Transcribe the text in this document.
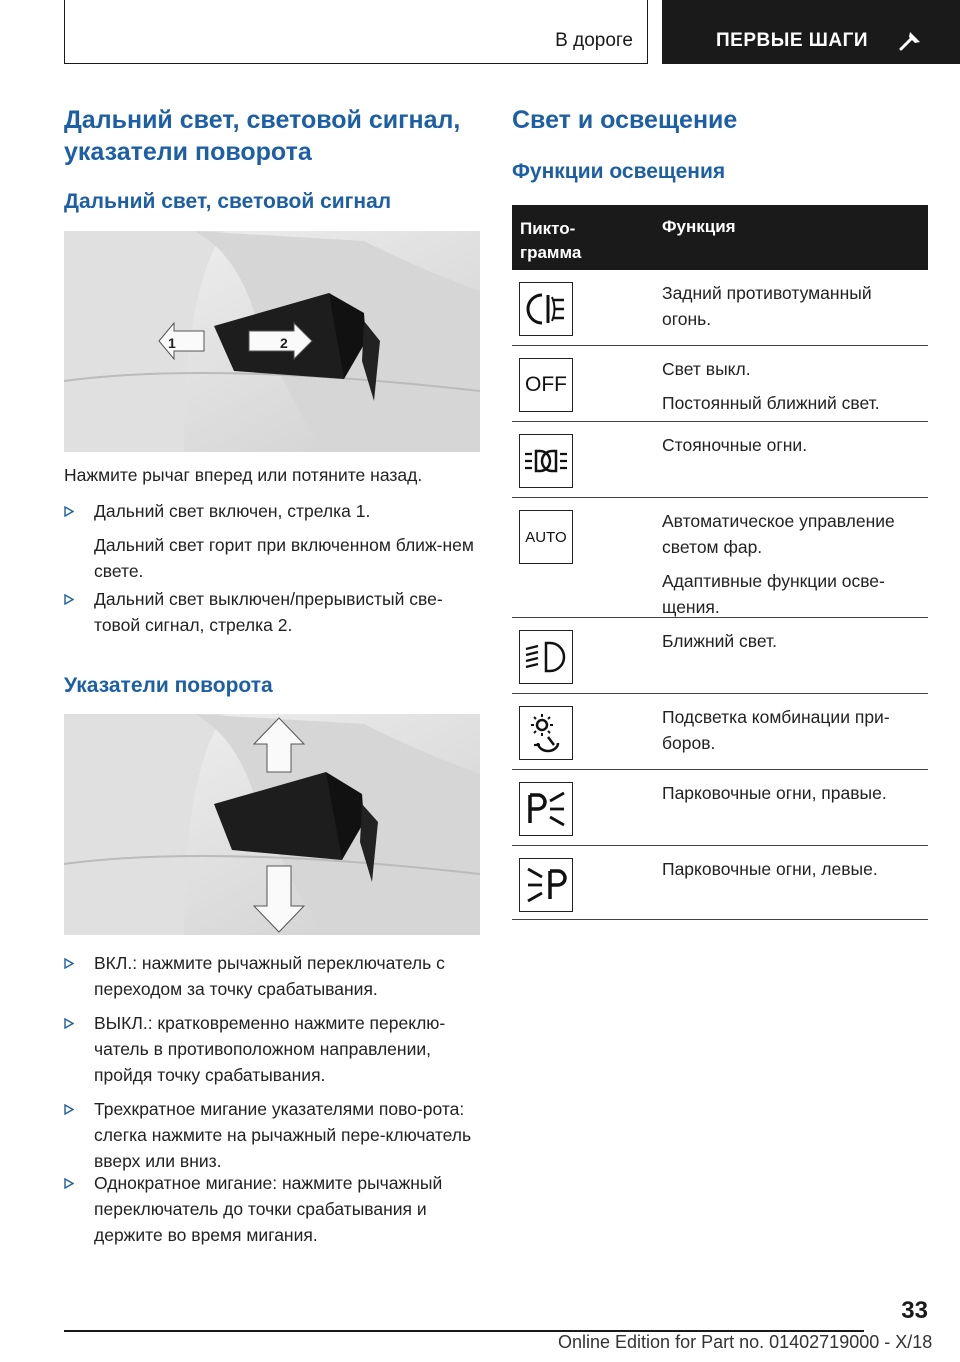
В дороге	ПЕРВЫЕ ШАГИ
Дальний свет, световой сигнал, указатели поворота
Дальний свет, световой сигнал
1	2
Нажмите рычаг вперед или потяните назад.
Дальний свет включен, стрелка 1.
Дальний свет горит при включенном ближ‐нем свете.
Дальний свет выключен/прерывистый све‐товой сигнал, стрелка 2.
Указатели поворота
ВКЛ.: нажмите рычажный переключатель с переходом за точку срабатывания.
ВЫКЛ.: кратковременно нажмите переклю‐чатель в противоположном направлении, пройдя точку срабатывания.
Трехкратное мигание указателями пово‐рота: слегка нажмите на рычажный пере‐ключатель вверх или вниз.
Однократное мигание: нажмите рычажный переключатель до точки срабатывания и держите во время мигания.
Свет и освещение
Функции освещения
Пикто‐грамма
Функция
Задний противотуманный огонь.
OFF
Свет выкл.
Постоянный ближний свет.
Стояночные огни.
AUTO
Автоматическое управление светом фар.
Адаптивные функции осве‐щения.
Ближний свет.
Подсветка комбинации при‐боров.
Парковочные огни, правые.
Парковочные огни, левые.
33
Online Edition for Part no. 01402719000 - X/18
